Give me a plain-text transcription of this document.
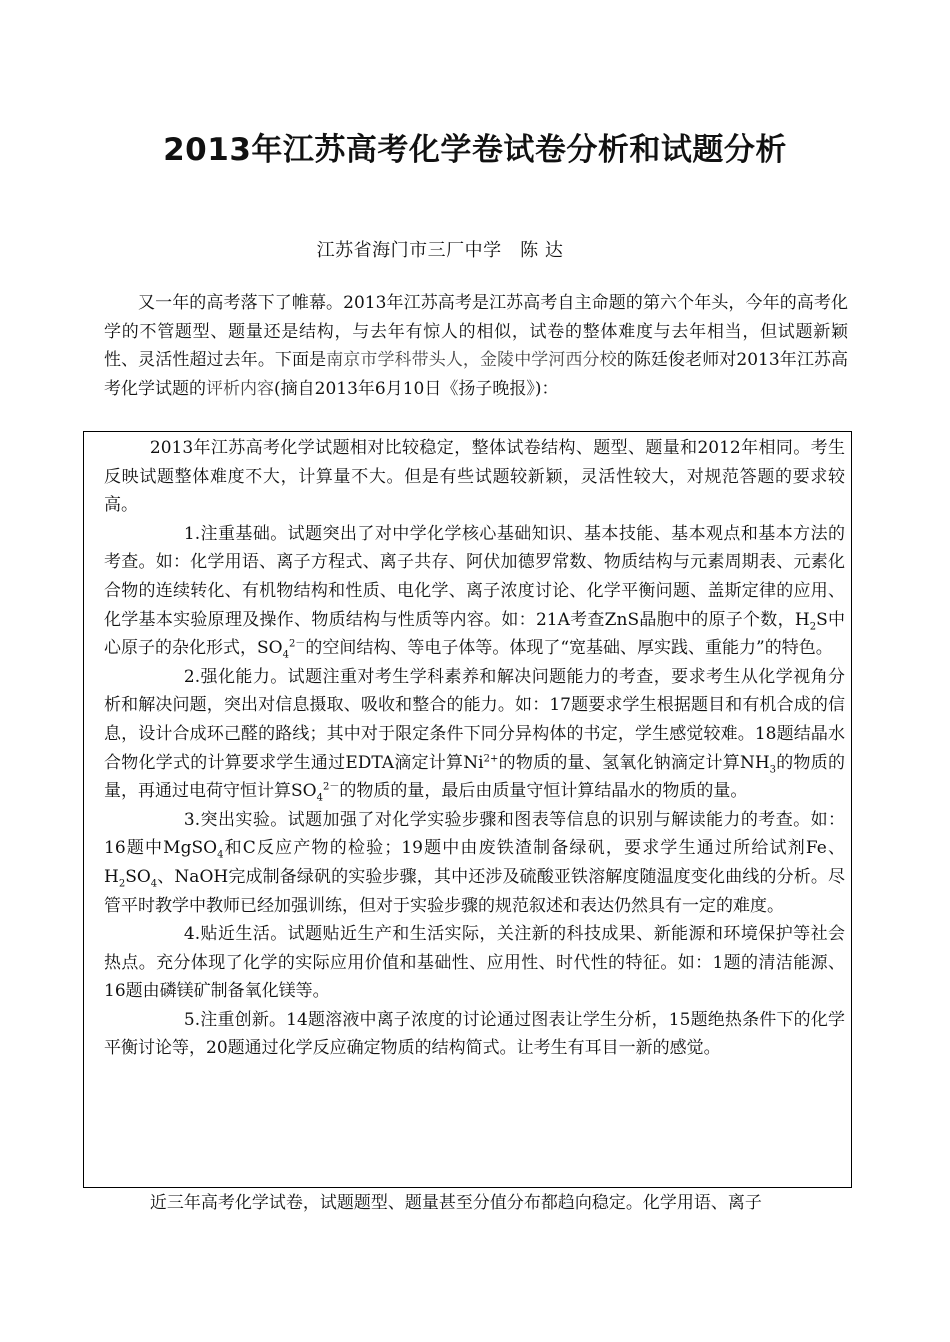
2013年江苏高考化学卷试卷分析和试题分析
江苏省海门市三厂中学　陈 达

又一年的高考落下了帷幕。2013年江苏高考是江苏高考自主命题的第六个年头，今年的高考化学的不管题型、题量还是结构，与去年有惊人的相似，试卷的整体难度与去年相当，但试题新颖性、灵活性超过去年。下面是南京市学科带头人，金陵中学河西分校的陈廷俊老师对2013年江苏高考化学试题的评析内容(摘自2013年6月10日《扬子晚报》)：

2013年江苏高考化学试题相对比较稳定，整体试卷结构、题型、题量和2012年相同。考生反映试题整体难度不大，计算量不大。但是有些试题较新颖，灵活性较大，对规范答题的要求较高。

1.注重基础。试题突出了对中学化学核心基础知识、基本技能、基本观点和基本方法的考查。如：化学用语、离子方程式、离子共存、阿伏加德罗常数、物质结构与元素周期表、元素化合物的连续转化、有机物结构和性质、电化学、离子浓度讨论、化学平衡问题、盖斯定律的应用、化学基本实验原理及操作、物质结构与性质等内容。如：21A考查ZnS晶胞中的原子个数，$H_2S$中心原子的杂化形式，$SO_4^{2-}$的空间结构、等电子体等。体现了“宽基础、厚实践、重能力”的特色。

2.强化能力。试题注重对考生学科素养和解决问题能力的考查，要求考生从化学视角分析和解决问题，突出对信息摄取、吸收和整合的能力。如：17题要求学生根据题目和有机合成的信息，设计合成环己醛的路线；其中对于限定条件下同分异构体的书定，学生感觉较难。18题结晶水合物化学式的计算要求学生通过EDTA滴定计算$Ni^{2+}$的物质的量、氢氧化钠滴定计算$NH_3$的物质的量，再通过电荷守恒计算$SO_4^{2-}$的物质的量，最后由质量守恒计算结晶水的物质的量。

3.突出实验。试题加强了对化学实验步骤和图表等信息的识别与解读能力的考查。如：16题中MgSO$_4$和C反应产物的检验；19题中由废铁渣制备绿矾，要求学生通过所给试剂Fe、$H_2SO_4$、NaOH完成制备绿矾的实验步骤，其中还涉及硫酸亚铁溶解度随温度变化曲线的分析。尽管平时教学中教师已经加强训练，但对于实验步骤的规范叙述和表达仍然具有一定的难度。

4.贴近生活。试题贴近生产和生活实际，关注新的科技成果、新能源和环境保护等社会热点。充分体现了化学的实际应用价值和基础性、应用性、时代性的特征。如：1题的清洁能源、16题由磷镁矿制备氧化镁等。

5.注重创新。14题溶液中离子浓度的讨论通过图表让学生分析，15题绝热条件下的化学平衡讨论等，20题通过化学反应确定物质的结构简式。让考生有耳目一新的感觉。

近三年高考化学试卷，试题题型、题量甚至分值分布都趋向稳定。化学用语、离子
